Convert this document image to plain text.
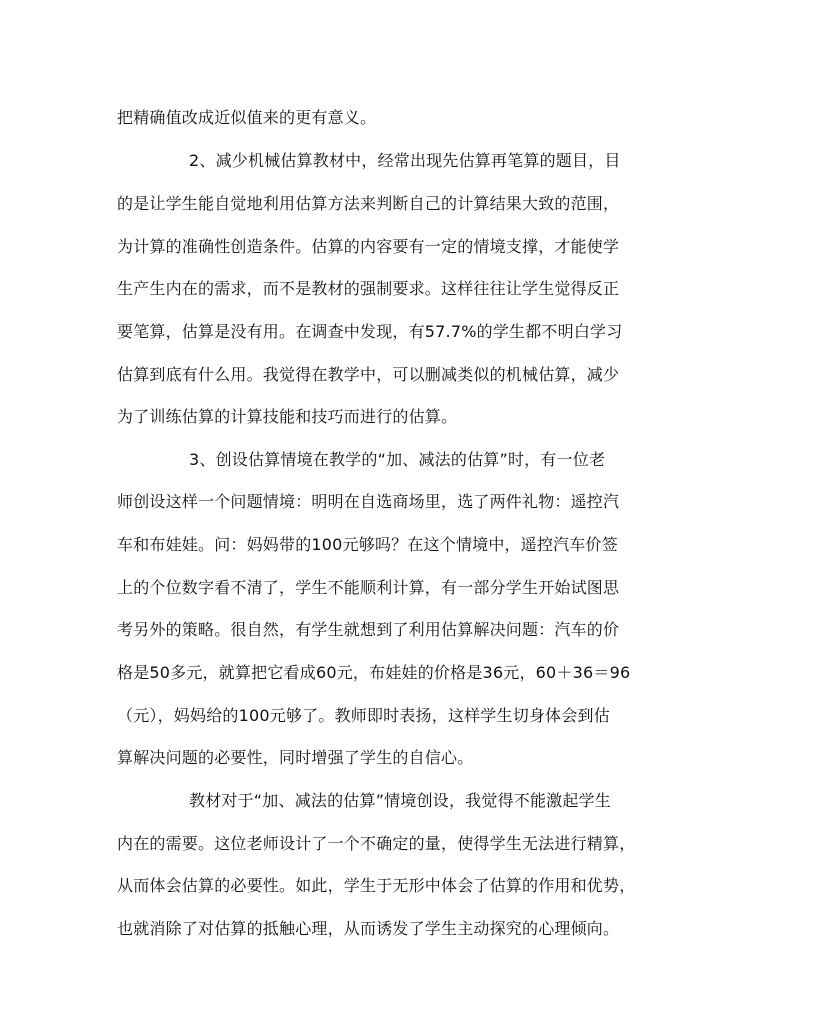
把精确值改成近似值来的更有意义。
2、减少机械估算教材中，经常出现先估算再笔算的题目，目
的是让学生能自觉地利用估算方法来判断自己的计算结果大致的范围，
为计算的准确性创造条件。估算的内容要有一定的情境支撑，才能使学
生产生内在的需求，而不是教材的强制要求。这样往往让学生觉得反正
要笔算，估算是没有用。在调查中发现，有57.7%的学生都不明白学习
估算到底有什么用。我觉得在教学中，可以删减类似的机械估算，减少
为了训练估算的计算技能和技巧而进行的估算。
3、创设估算情境在教学的“加、减法的估算”时，有一位老
师创设这样一个问题情境：明明在自选商场里，选了两件礼物：遥控汽
车和布娃娃。问：妈妈带的100元够吗？在这个情境中，遥控汽车价签
上的个位数字看不清了，学生不能顺利计算，有一部分学生开始试图思
考另外的策略。很自然，有学生就想到了利用估算解决问题：汽车的价
格是50多元，就算把它看成60元，布娃娃的价格是36元，60＋36＝96
（元），妈妈给的100元够了。教师即时表扬，这样学生切身体会到估
算解决问题的必要性，同时增强了学生的自信心。
教材对于“加、减法的估算”情境创设，我觉得不能激起学生
内在的需要。这位老师设计了一个不确定的量，使得学生无法进行精算，
从而体会估算的必要性。如此，学生于无形中体会了估算的作用和优势，
也就消除了对估算的抵触心理，从而诱发了学生主动探究的心理倾向。
